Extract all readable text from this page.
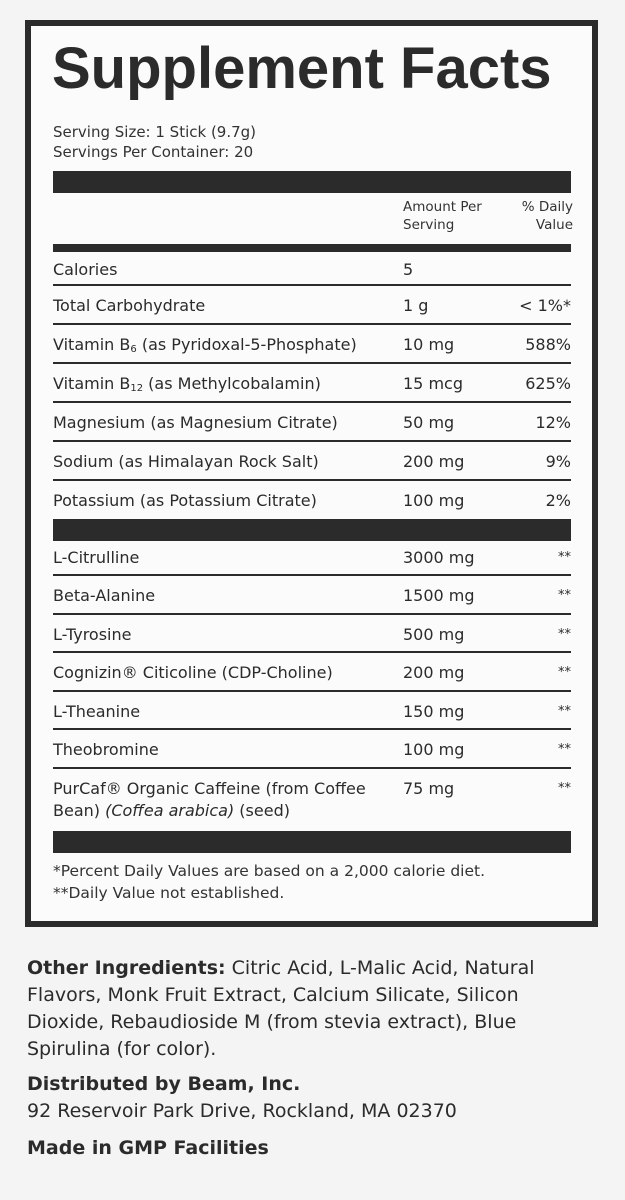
Supplement Facts
Serving Size: 1 Stick (9.7g)
Servings Per Container: 20
Amount Per
Serving
% Daily
Value
Calories	5
Total Carbohydrate	1 g	< 1%*
Vitamin $B_6$ (as Pyridoxal-5-Phosphate)	10 mg	588%
Vitamin $B_{12}$ (as Methylcobalamin)	15 mcg	625%
Magnesium (as Magnesium Citrate)	50 mg	12%
Sodium (as Himalayan Rock Salt)	200 mg	9%
Potassium (as Potassium Citrate)	100 mg	2%
L-Citrulline	3000 mg	**
Beta-Alanine	1500 mg	**
L-Tyrosine	500 mg	**
Cognizin® Citicoline (CDP-Choline)	200 mg	**
L-Theanine	150 mg	**
Theobromine	100 mg	**
PurCaf® Organic Caffeine (from Coffee
Bean) (Coffea arabica) (seed)
75 mg	**
*Percent Daily Values are based on a 2,000 calorie diet.
**Daily Value not established.
Other Ingredients: Citric Acid, L-Malic Acid, Natural Flavors, Monk Fruit Extract, Calcium Silicate, Silicon Dioxide, Rebaudioside M (from stevia extract), Blue Spirulina (for color).
Distributed by Beam, Inc.
92 Reservoir Park Drive, Rockland, MA 02370
Made in GMP Facilities
